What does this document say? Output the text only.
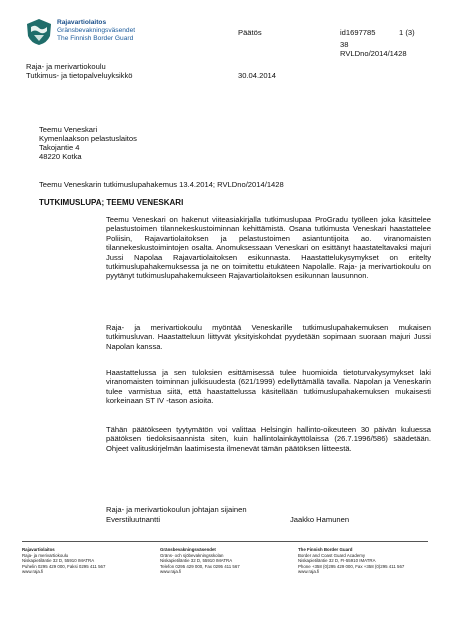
Rajavartiolaitos
Gränsbevakningsväsendet
The Finnish Border Guard
Päätös	id1697785	1 (3)
38
RVLDno/2014/1428
Raja- ja merivartiokoulu
Tutkimus- ja tietopalveluyksikkö	30.04.2014
Teemu Veneskari
Kymenlaakson pelastuslaitos
Takojantie 4
48220 Kotka
Teemu Veneskarin tutkimuslupahakemus 13.4.2014; RVLDno/2014/1428
TUTKIMUSLUPA; TEEMU VENESKARI
Teemu Veneskari on hakenut viiteasiakirjalla tutkimuslupaa ProGradu työlleen joka käsittelee pelastustoimen tilannekeskustoiminnan kehittämistä. Osana tutkimusta Veneskari haastattelee Poliisin, Rajavartiolaitoksen ja pelastustoimen asiantuntijoita ao. viranomaisten tilannekeskustoimintojen osalta. Anomuksessaan Veneskari on esittänyt haastateltavaksi majuri Jussi Napolaa Rajavartiolaitoksen esikunnasta. Haastattelukysymykset on eritelty tutkimuslupahakemuksessa ja ne on toimitettu etukäteen Napolalle. Raja- ja merivartiokoulu on pyytänyt tutkimuslupahakemukseen Rajavartiolaitoksen esikunnan lausunnon.
Raja- ja merivartiokoulu myöntää Veneskarille tutkimuslupahakemuksen mukaisen tutkimusluvan. Haastatteluun liittyvät yksityiskohdat pyydetään sopimaan suoraan majuri Jussi Napolan kanssa.
Haastattelussa ja sen tuloksien esittämisessä tulee huomioida tietoturvakysymykset laki viranomaisten toiminnan julkisuudesta (621/1999) edellyttämällä tavalla. Napolan ja Veneskarin tulee varmistua siitä, että haastattelussa käsitellään tutkimuslupahakemuksen mukaisesti korkeinaan ST IV -tason asioita.
Tähän päätökseen tyytymätön voi valittaa Helsingin hallinto-oikeuteen 30 päivän kuluessa päätöksen tiedoksisaannista siten, kuin hallintolainkäyttölaissa (26.7.1996/586) säädetään. Ohjeet valituskirjelmän laatimisesta ilmenevät tämän päätöksen liitteestä.
Raja- ja merivartiokoulun johtajan sijainen
Everstiluutnantti	Jaakko Hamunen
Rajavartiolaitos
Raja- ja merivartiokoulu
Niskapietiläntie 32 D, 55910 IMATRA
Puhelin 0295 429 000, Faksi 0295 411 567
www.raja.fi
Gränsbevakningsväsendet
Gräns- och sjöbevakningsskolan
Niskapietiläntie 32 D, 55910 IMATRA
Telefon 0295 429 000, Fax 0295 411 567
www.raja.fi
The Finnish Border Guard
Border and Coast Guard Academy
Niskapietiläntie 32 D, FI-55910 IMATRA
Phone +358 (0)295 429 000, Fax +358 (0)295 411 567
www.raja.fi
